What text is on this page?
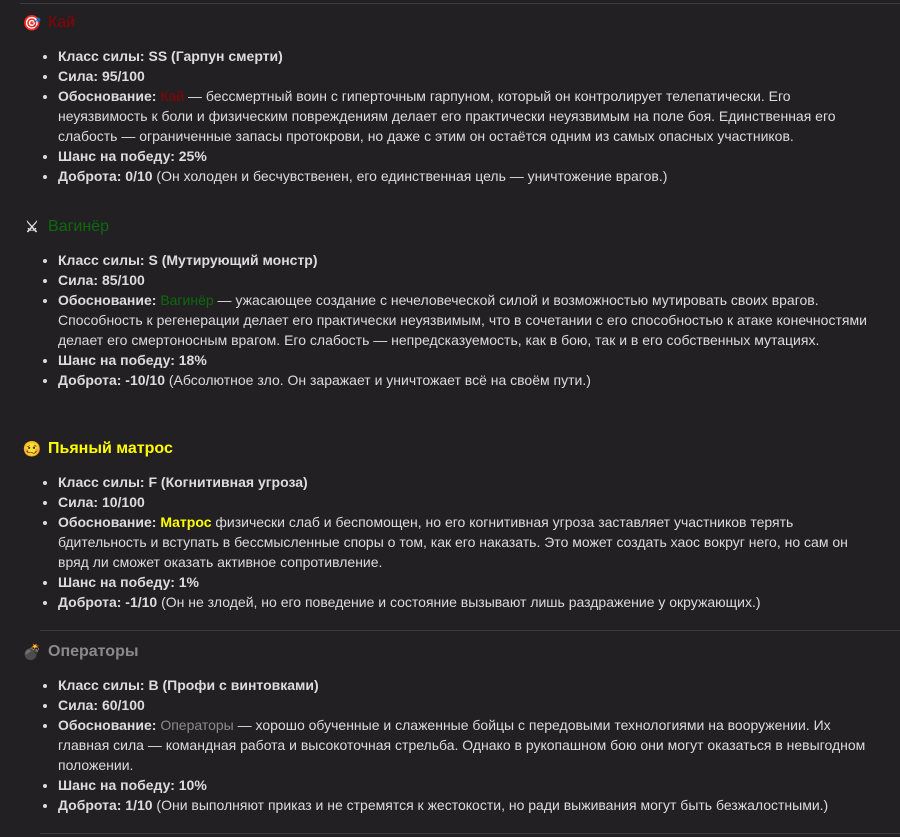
🎯 Кай
• Класс силы: SS (Гарпун смерти)
• Сила: 95/100
• Обоснование: Кай — бессмертный воин с гиперточным гарпуном, который он контролирует телепатически. Его неуязвимость к боли и физическим повреждениям делает его практически неуязвимым на поле боя. Единственная его слабость — ограниченные запасы протокрови, но даже с этим он остаётся одним из самых опасных участников.
• Шанс на победу: 25%
• Доброта: 0/10 (Он холоден и бесчувственен, его единственная цель — уничтожение врагов.)
⚔ Вагинёр
• Класс силы: S (Мутирующий монстр)
• Сила: 85/100
• Обоснование: Вагинёр — ужасающее создание с нечеловеческой силой и возможностью мутировать своих врагов. Способность к регенерации делает его практически неуязвимым, что в сочетании с его способностью к атаке конечностями делает его смертоносным врагом. Его слабость — непредсказуемость, как в бою, так и в его собственных мутациях.
• Шанс на победу: 18%
• Доброта: -10/10 (Абсолютное зло. Он заражает и уничтожает всё на своём пути.)
🥴 Пьяный матрос
• Класс силы: F (Когнитивная угроза)
• Сила: 10/100
• Обоснование: Матрос физически слаб и беспомощен, но его когнитивная угроза заставляет участников терять бдительность и вступать в бессмысленные споры о том, как его наказать. Это может создать хаос вокруг него, но сам он вряд ли сможет оказать активное сопротивление.
• Шанс на победу: 1%
• Доброта: -1/10 (Он не злодей, но его поведение и состояние вызывают лишь раздражение у окружающих.)
💣 Операторы
• Класс силы: B (Профи с винтовками)
• Сила: 60/100
• Обоснование: Операторы — хорошо обученные и слаженные бойцы с передовыми технологиями на вооружении. Их главная сила — командная работа и высокоточная стрельба. Однако в рукопашном бою они могут оказаться в невыгодном положении.
• Шанс на победу: 10%
• Доброта: 1/10 (Они выполняют приказ и не стремятся к жестокости, но ради выживания могут быть безжалостными.)
